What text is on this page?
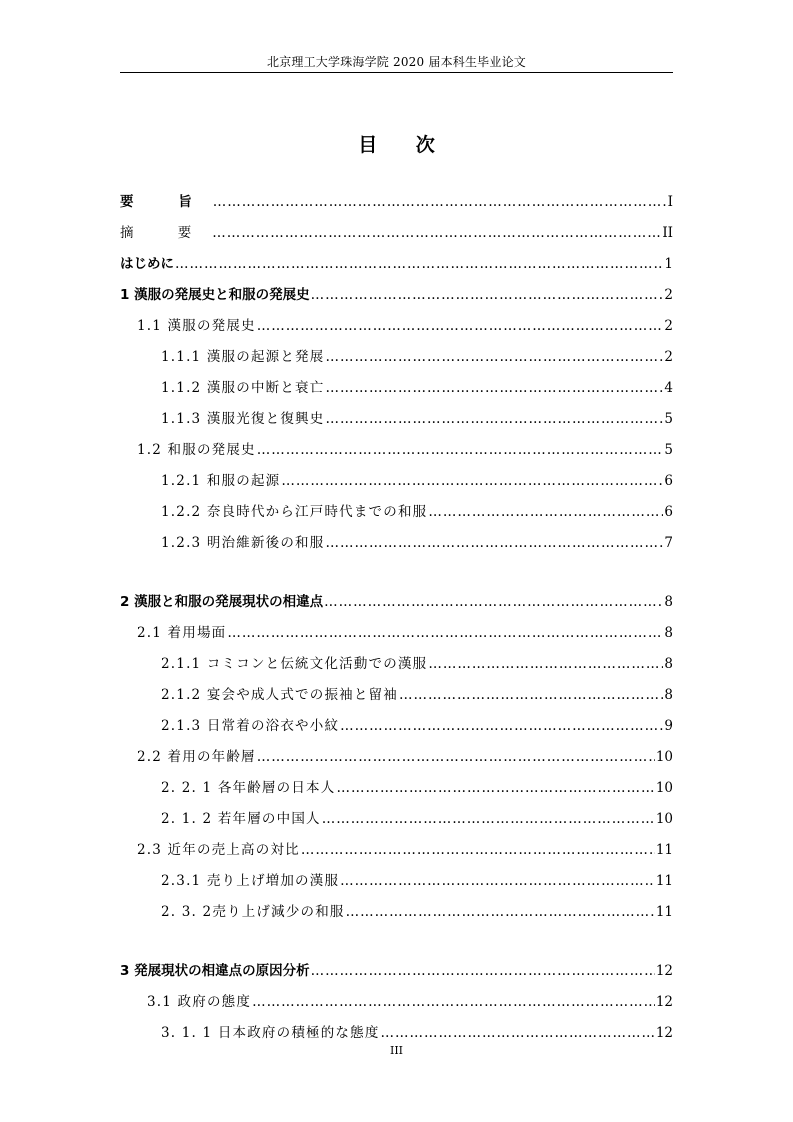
北京理工大学珠海学院 2020 届本科生毕业论文
目 次
要 旨 ……………………………………………………………………………………………………………………………………………………………………………………………………………………………………	I
摘 要 ……………………………………………………………………………………………………………………………………………………………………………………………………………………………………	II
はじめに ……………………………………………………………………………………………………………………………………………………………………………………………………………………………………	1
1 漢服の発展史と和服の発展史 ……………………………………………………………………………………………………………………………………………………………………………………………………………………………………	2
1.1 漢服の発展史 ……………………………………………………………………………………………………………………………………………………………………………………………………………………………………	2
1.1.1 漢服の起源と発展 ……………………………………………………………………………………………………………………………………………………………………………………………………………………………………	2
1.1.2 漢服の中断と衰亡 ……………………………………………………………………………………………………………………………………………………………………………………………………………………………………	4
1.1.3 漢服光復と復興史 ……………………………………………………………………………………………………………………………………………………………………………………………………………………………………	5
1.2 和服の発展史 ……………………………………………………………………………………………………………………………………………………………………………………………………………………………………	5
1.2.1 和服の起源 ……………………………………………………………………………………………………………………………………………………………………………………………………………………………………	6
1.2.2 奈良時代から江戸時代までの和服 ……………………………………………………………………………………………………………………………………………………………………………………………………………………………………	6
1.2.3 明治維新後の和服 ……………………………………………………………………………………………………………………………………………………………………………………………………………………………………	7
2 漢服と和服の発展現状の相違点 ……………………………………………………………………………………………………………………………………………………………………………………………………………………………………	8
2.1 着用場面 ……………………………………………………………………………………………………………………………………………………………………………………………………………………………………	8
2.1.1 コミコンと伝統文化活動での漢服 ……………………………………………………………………………………………………………………………………………………………………………………………………………………………………	8
2.1.2 宴会や成人式での振袖と留袖 ……………………………………………………………………………………………………………………………………………………………………………………………………………………………………	8
2.1.3 日常着の浴衣や小紋 ……………………………………………………………………………………………………………………………………………………………………………………………………………………………………	9
2.2 着用の年齢層 ……………………………………………………………………………………………………………………………………………………………………………………………………………………………………	10
2. 2. 1 各年齢層の日本人 ……………………………………………………………………………………………………………………………………………………………………………………………………………………………………	10
2. 1. 2 若年層の中国人 ……………………………………………………………………………………………………………………………………………………………………………………………………………………………………	10
2.3 近年の売上高の対比 ……………………………………………………………………………………………………………………………………………………………………………………………………………………………………	11
2.3.1 売り上げ増加の漢服 ……………………………………………………………………………………………………………………………………………………………………………………………………………………………………	11
2. 3. 2売り上げ減少の和服 ……………………………………………………………………………………………………………………………………………………………………………………………………………………………………	11
3 発展現状の相違点の原因分析 ……………………………………………………………………………………………………………………………………………………………………………………………………………………………………	12
3.1 政府の態度 ……………………………………………………………………………………………………………………………………………………………………………………………………………………………………	12
3. 1. 1 日本政府の積極的な態度 ……………………………………………………………………………………………………………………………………………………………………………………………………………………………………	12
III
